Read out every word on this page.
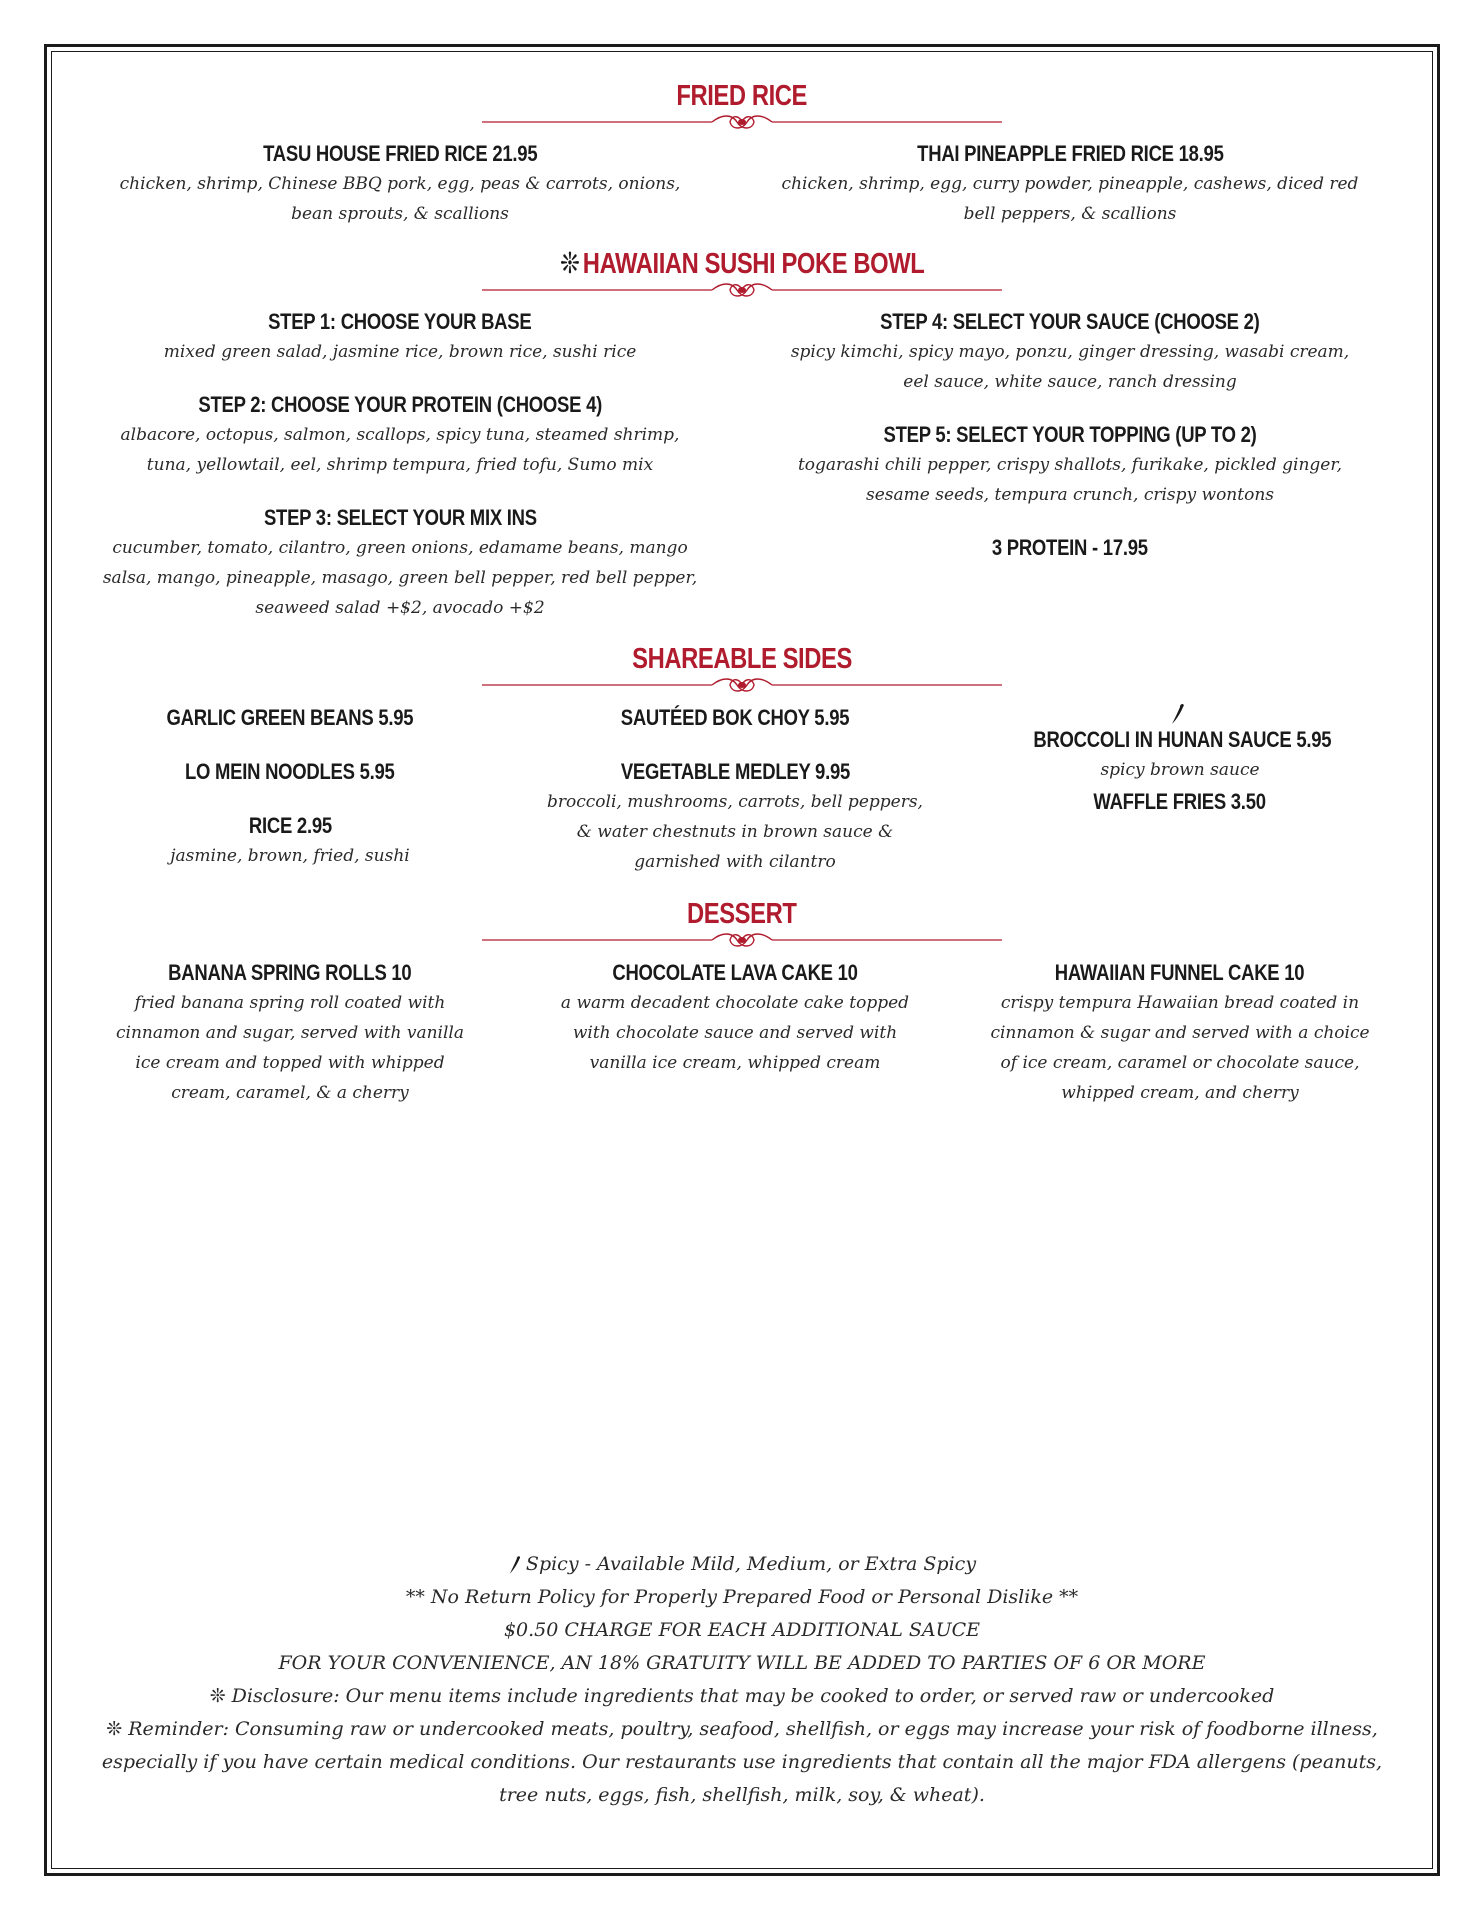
FRIED RICE
TASU HOUSE FRIED RICE 21.95
chicken, shrimp, Chinese BBQ pork, egg, peas & carrots, onions, bean sprouts, & scallions
THAI PINEAPPLE FRIED RICE 18.95
chicken, shrimp, egg, curry powder, pineapple, cashews, diced red bell peppers, & scallions
❊ HAWAIIAN SUSHI POKE BOWL
STEP 1: CHOOSE YOUR BASE
mixed green salad, jasmine rice, brown rice, sushi rice
STEP 2: CHOOSE YOUR PROTEIN (CHOOSE 4)
albacore, octopus, salmon, scallops, spicy tuna, steamed shrimp, tuna, yellowtail, eel, shrimp tempura, fried tofu, Sumo mix
STEP 3: SELECT YOUR MIX INS
cucumber, tomato, cilantro, green onions, edamame beans, mango salsa, mango, pineapple, masago, green bell pepper, red bell pepper, seaweed salad +$2, avocado +$2
STEP 4: SELECT YOUR SAUCE (CHOOSE 2)
spicy kimchi, spicy mayo, ponzu, ginger dressing, wasabi cream, eel sauce, white sauce, ranch dressing
STEP 5: SELECT YOUR TOPPING (UP TO 2)
togarashi chili pepper, crispy shallots, furikake, pickled ginger, sesame seeds, tempura crunch, crispy wontons
3 PROTEIN - 17.95
SHAREABLE SIDES
GARLIC GREEN BEANS 5.95
LO MEIN NOODLES 5.95
RICE 2.95
jasmine, brown, fried, sushi
SAUTÉED BOK CHOY 5.95
VEGETABLE MEDLEY 9.95
broccoli, mushrooms, carrots, bell peppers, & water chestnuts in brown sauce & garnished with cilantro
BROCCOLI IN HUNAN SAUCE 5.95
spicy brown sauce
WAFFLE FRIES 3.50
DESSERT
BANANA SPRING ROLLS 10
fried banana spring roll coated with cinnamon and sugar, served with vanilla ice cream and topped with whipped cream, caramel, & a cherry
CHOCOLATE LAVA CAKE 10
a warm decadent chocolate cake topped with chocolate sauce and served with vanilla ice cream, whipped cream
HAWAIIAN FUNNEL CAKE 10
crispy tempura Hawaiian bread coated in cinnamon & sugar and served with a choice of ice cream, caramel or chocolate sauce, whipped cream, and cherry
Spicy - Available Mild, Medium, or Extra Spicy
** No Return Policy for Properly Prepared Food or Personal Dislike **
$0.50 CHARGE FOR EACH ADDITIONAL SAUCE
FOR YOUR CONVENIENCE, AN 18% GRATUITY WILL BE ADDED TO PARTIES OF 6 OR MORE
❊ Disclosure: Our menu items include ingredients that may be cooked to order, or served raw or undercooked
❊ Reminder: Consuming raw or undercooked meats, poultry, seafood, shellfish, or eggs may increase your risk of foodborne illness, especially if you have certain medical conditions. Our restaurants use ingredients that contain all the major FDA allergens (peanuts, tree nuts, eggs, fish, shellfish, milk, soy, & wheat).
